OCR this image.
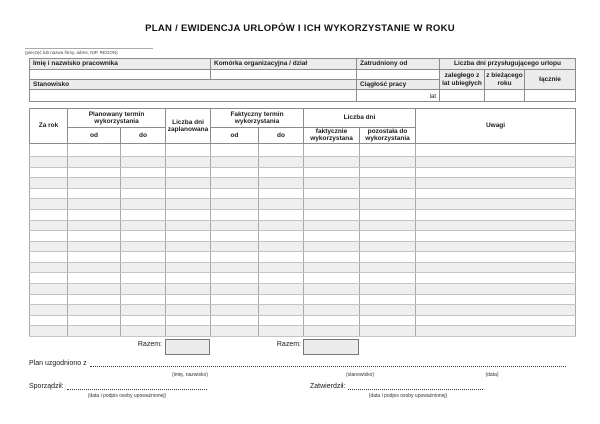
PLAN / EWIDENCJA URLOPÓW I ICH WYKORZYSTANIE W ROKU
(pieczęć lub nazwa firmy, adres, NIP, REGON)
Imię i nazwisko pracownika	Komórka organizacyjna / dział	Zatrudniony od	Liczba dni przysługującego urlopu		
			zaległego z lat ubiegłych	z bieżącego roku	łącznie
Stanowisko		Ciągłość pracy			
		lat			
Za rok	Planowany termin wykorzystania		Liczba dni zaplanowana	Faktyczny termin wykorzystania		Liczba dni		Uwagi
	od	do		od	do	faktycznie wykorzystana	pozostała do wykorzystania	

Razem:	Razem:
Plan uzgodniono z
(imię, nazwisko)	(stanowisko)	(data)
Sporządził:
(data i podpis osoby upoważnionej)
Zatwierdził:
(data i podpis osoby upoważnionej)
